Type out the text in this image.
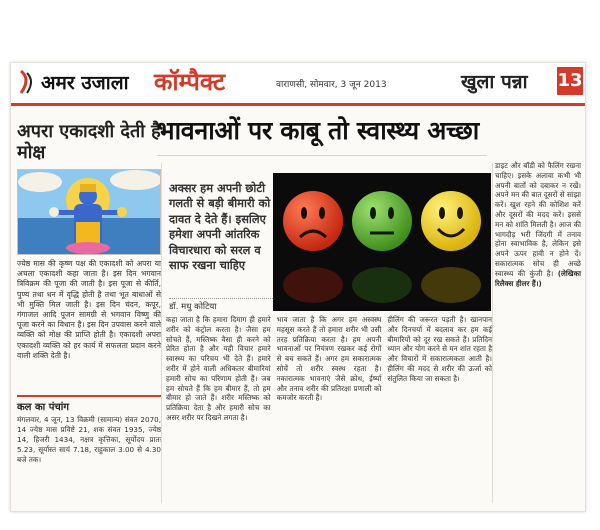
अमर उजाला कॉम्पैक्ट	वाराणसी, सोमवार, 3 जून 2013	खुला पन्ना 13
अपरा एकादशी देती है मोक्ष
ज्येष्ठ मास की कृष्ण पक्ष की एकादशी को अपरा या अचला एकादशी कहा जाता है। इस दिन भगवान त्रिविक्रम की पूजा की जाती है। इस पूजा से कीर्ति, पुण्य तथा धन में वृद्धि होती है तथा भूत बाधाओं से भी मुक्ति मिल जाती है। इस दिन चंदन, कपूर, गंगाजल आदि पूजन सामग्री से भगवान विष्णु की पूजा करने का विधान है। इस दिन उपवास करने वाले व्यक्ति को मोक्ष की प्राप्ति होती है। एकादशी अपरा एकादशी व्यक्ति को हर कार्य में सफलता प्रदान करने वाली शक्ति देती है।
कल का पंचांग
मंगलवार, 4 जून, 13 विक्रमी (सामान्य) संवत 2070, 14 ज्येष्ठ मास प्रविष्टे 21, शक संवत 1935, ज्येष्ठ 14, हिजरी 1434, नक्षत्र कृत्तिका, सूर्योदय प्रातः 5.23, सूर्यास्त सायं 7.18, राहुकाल 3.00 से 4.30 बजे तक।
भावनाओं पर काबू तो स्वास्थ्य अच्छा
अक्सर हम अपनी छोटी गलती से बड़ी बीमारी को दावत दे देते हैं। इसलिए हमेशा अपनी आंतरिक विचारधारा को सरल व साफ रखना चाहिए
डॉ. मधु कोटिया
कहा जाता है कि हमारा दिमाग ही हमारे शरीर को कंट्रोल करता है। जैसा हम सोचते हैं, मस्तिष्क वैसा ही करने को प्रेरित होता है और यही विचार हमारे स्वास्थ्य का परिचय भी देते हैं। हमारे शरीर में होने वाली अधिकतर बीमारियां हमारी सोच का परिणाम होती हैं। जब हम सोचते हैं कि हम बीमार हैं, तो हम बीमार हो जाते हैं। शरीर मस्तिष्क को प्रतिक्रिया देता है और हमारी सोच का असर शरीर पर दिखने लगता है।
भाव जाता है कि अगर हम अस्वस्थ महसूस करते हैं तो हमारा शरीर भी उसी तरह प्रतिक्रिया करता है। हम अपनी भावनाओं पर नियंत्रण रखकर कई रोगों से बच सकते हैं। अगर हम सकारात्मक सोचें तो शरीर स्वस्थ रहता है। नकारात्मक भावनाएं जैसे क्रोध, ईर्ष्या और तनाव शरीर की प्रतिरक्षा प्रणाली को कमजोर करती हैं।
हीलिंग की जरूरत पड़ती है। खानपान और दिनचर्या में बदलाव कर हम कई बीमारियों को दूर रख सकते हैं। प्रतिदिन ध्यान और योग करने से मन शांत रहता है और विचारों में सकारात्मकता आती है। हीलिंग की मदद से शरीर की ऊर्जा को संतुलित किया जा सकता है।
डाइट और बॉडी को फैलिंग रखना चाहिए। इसके अलावा कभी भी अपनी बातों को दबाकर न रखें। अपने मन की बात दूसरों से साझा करें। खुश रहने की कोशिश करें और दूसरों की मदद करें। इससे मन को शांति मिलती है। आज की भागदौड़ भरी जिंदगी में तनाव होना स्वाभाविक है, लेकिन इसे अपने ऊपर हावी न होने दें। सकारात्मक सोच ही अच्छे स्वास्थ्य की कुंजी है। (लेखिका रिलैक्स हीलर हैं।)
